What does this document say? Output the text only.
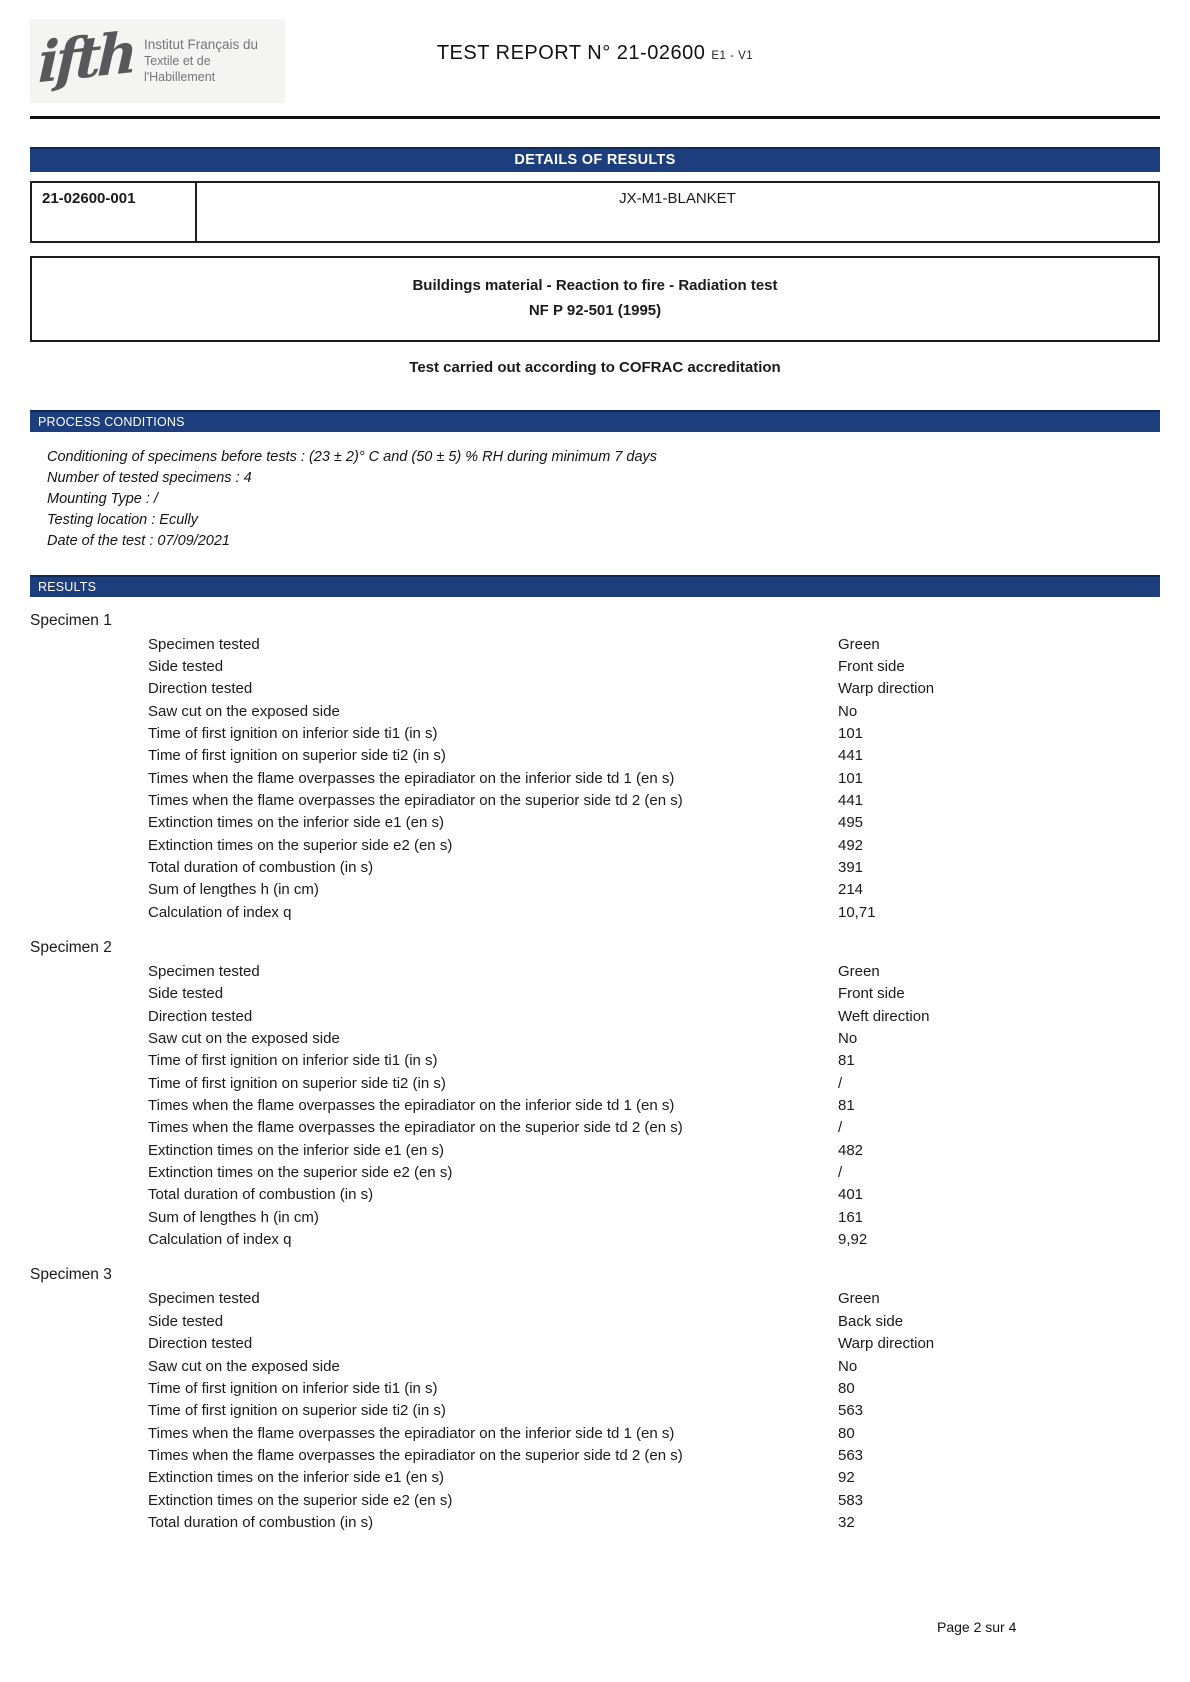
ifth Institut Français du
Textile et de l'Habillement
TEST REPORT N° 21-02600 E1 - V1
DETAILS OF RESULTS
21-02600-001	JX-M1-BLANKET
Buildings material - Reaction to fire - Radiation test
NF P 92-501 (1995)
Test carried out according to COFRAC accreditation
PROCESS CONDITIONS
Conditioning of specimens before tests : (23 ± 2)° C and (50 ± 5) % RH during minimum 7 days
Number of tested specimens : 4
Mounting Type : /
Testing location : Ecully
Date of the test : 07/09/2021
RESULTS
Specimen 1
Specimen tested	Green
Side tested	Front side
Direction tested	Warp direction
Saw cut on the exposed side	No
Time of first ignition on inferior side ti1 (in s)	101
Time of first ignition on superior side ti2 (in s)	441
Times when the flame overpasses the epiradiator on the inferior side td 1 (en s)	101
Times when the flame overpasses the epiradiator on the superior side td 2 (en s)	441
Extinction times on the inferior side e1 (en s)	495
Extinction times on the superior side e2 (en s)	492
Total duration of combustion (in s)	391
Sum of lengthes h (in cm)	214
Calculation of index q	10,71
Specimen 2
Specimen tested	Green
Side tested	Front side
Direction tested	Weft direction
Saw cut on the exposed side	No
Time of first ignition on inferior side ti1 (in s)	81
Time of first ignition on superior side ti2 (in s)	/
Times when the flame overpasses the epiradiator on the inferior side td 1 (en s)	81
Times when the flame overpasses the epiradiator on the superior side td 2 (en s)	/
Extinction times on the inferior side e1 (en s)	482
Extinction times on the superior side e2 (en s)	/
Total duration of combustion (in s)	401
Sum of lengthes h (in cm)	161
Calculation of index q	9,92
Specimen 3
Specimen tested	Green
Side tested	Back side
Direction tested	Warp direction
Saw cut on the exposed side	No
Time of first ignition on inferior side ti1 (in s)	80
Time of first ignition on superior side ti2 (in s)	563
Times when the flame overpasses the epiradiator on the inferior side td 1 (en s)	80
Times when the flame overpasses the epiradiator on the superior side td 2 (en s)	563
Extinction times on the inferior side e1 (en s)	92
Extinction times on the superior side e2 (en s)	583
Total duration of combustion (in s)	32
Page 2 sur 4
